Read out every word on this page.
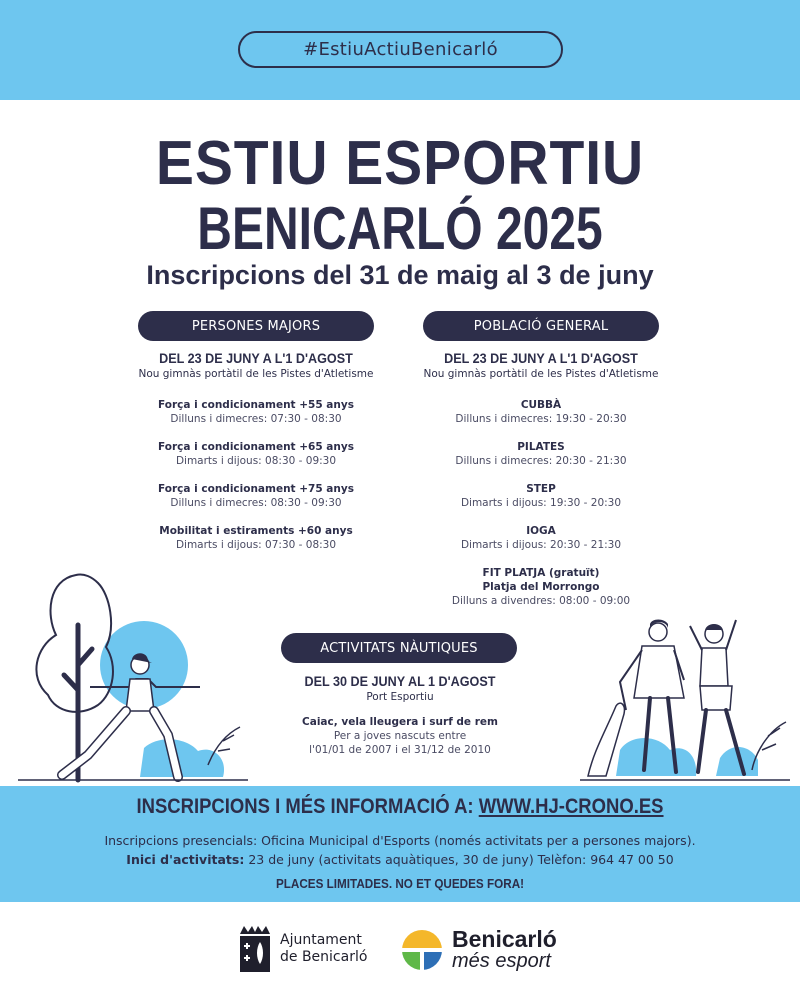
#EstiuActiuBenicarló
ESTIU ESPORTIU
BENICARLÓ 2025
Inscripcions del 31 de maig al 3 de juny
PERSONES MAJORS
DEL 23 DE JUNY A L'1 D'AGOST
Nou gimnàs portàtil de les Pistes d'Atletisme
Força i condicionament +55 anys
Dilluns i dimecres: 07:30 - 08:30
Força i condicionament +65 anys
Dimarts i dijous: 08:30 - 09:30
Força i condicionament +75 anys
Dilluns i dimecres: 08:30 - 09:30
Mobilitat i estiraments +60 anys
Dimarts i dijous: 07:30 - 08:30
POBLACIÓ GENERAL
DEL 23 DE JUNY A L'1 D'AGOST
Nou gimnàs portàtil de les Pistes d'Atletisme
CUBBÀ
Dilluns i dimecres: 19:30 - 20:30
PILATES
Dilluns i dimecres: 20:30 - 21:30
STEP
Dimarts i dijous: 19:30 - 20:30
IOGA
Dimarts i dijous: 20:30 - 21:30
FIT PLATJA (gratuït)
Platja del Morrongo
Dilluns a divendres: 08:00 - 09:00
ACTIVITATS NÀUTIQUES
DEL 30 DE JUNY AL 1 D'AGOST
Port Esportiu
Caiac, vela lleugera i surf de rem
Per a joves nascuts entre
l'01/01 de 2007 i el 31/12 de 2010
INSCRIPCIONS I MÉS INFORMACIÓ A: WWW.HJ-CRONO.ES
Inscripcions presencials: Oficina Municipal d'Esports (només activitats per a persones majors).
Inici d'activitats: 23 de juny (activitats aquàtiques, 30 de juny) Telèfon: 964 47 00 50
PLACES LIMITADES. NO ET QUEDES FORA!
Ajuntament
de Benicarló
Benicarló
més esport
